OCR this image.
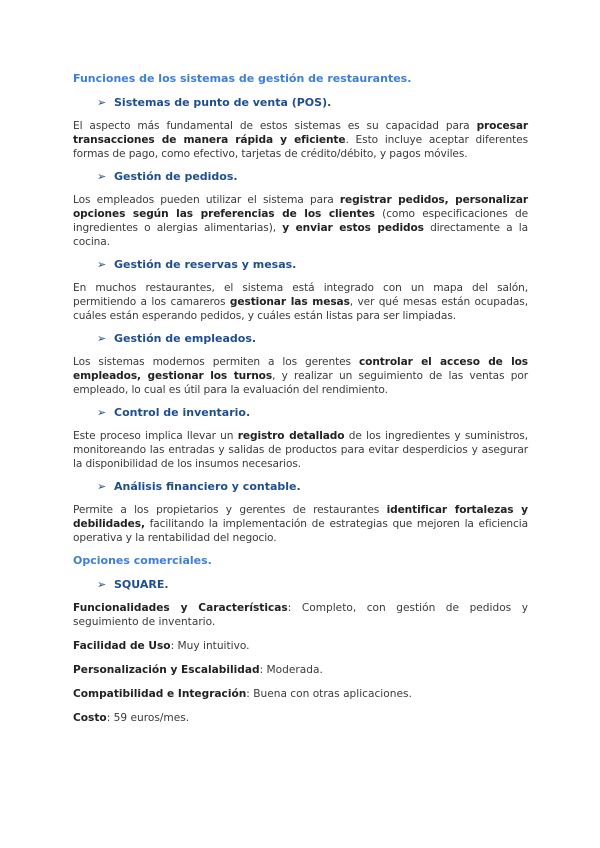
Funciones de los sistemas de gestión de restaurantes.
➢ Sistemas de punto de venta (POS).

El aspecto más fundamental de estos sistemas es su capacidad para procesar transacciones de manera rápida y eficiente. Esto incluye aceptar diferentes formas de pago, como efectivo, tarjetas de crédito/débito, y pagos móviles.

➢ Gestión de pedidos.

Los empleados pueden utilizar el sistema para registrar pedidos, personalizar opciones según las preferencias de los clientes (como especificaciones de ingredientes o alergias alimentarias), y enviar estos pedidos directamente a la cocina.

➢ Gestión de reservas y mesas.

En muchos restaurantes, el sistema está integrado con un mapa del salón, permitiendo a los camareros gestionar las mesas, ver qué mesas están ocupadas, cuáles están esperando pedidos, y cuáles están listas para ser limpiadas.

➢ Gestión de empleados.

Los sistemas modernos permiten a los gerentes controlar el acceso de los empleados, gestionar los turnos, y realizar un seguimiento de las ventas por empleado, lo cual es útil para la evaluación del rendimiento.

➢ Control de inventario.

Este proceso implica llevar un registro detallado de los ingredientes y suministros, monitoreando las entradas y salidas de productos para evitar desperdicios y asegurar la disponibilidad de los insumos necesarios.

➢ Análisis financiero y contable.

Permite a los propietarios y gerentes de restaurantes identificar fortalezas y debilidades, facilitando la implementación de estrategias que mejoren la eficiencia operativa y la rentabilidad del negocio.

Opciones comerciales.
➢ SQUARE.

Funcionalidades y Características: Completo, con gestión de pedidos y seguimiento de inventario.

Facilidad de Uso: Muy intuitivo.

Personalización y Escalabilidad: Moderada.

Compatibilidad e Integración: Buena con otras aplicaciones.

Costo: 59 euros/mes.
